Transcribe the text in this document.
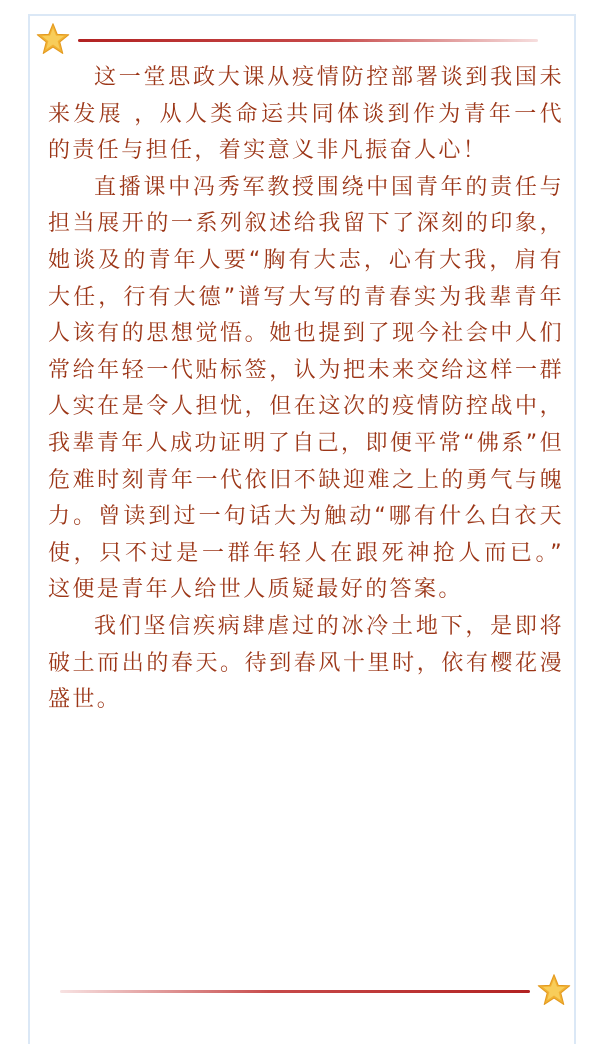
这一堂思政大课从疫情防控部署谈到我国未来发展 ，从人类命运共同体谈到作为青年一代的责任与担任，着实意义非凡振奋人心！

直播课中冯秀军教授围绕中国青年的责任与担当展开的一系列叙述给我留下了深刻的印象，她谈及的青年人要“胸有大志，心有大我，肩有大任，行有大德”谱写大写的青春实为我辈青年人该有的思想觉悟。她也提到了现今社会中人们常给年轻一代贴标签，认为把未来交给这样一群人实在是令人担忧，但在这次的疫情防控战中，我辈青年人成功证明了自己，即便平常“佛系”但危难时刻青年一代依旧不缺迎难之上的勇气与魄力。曾读到过一句话大为触动“哪有什么白衣天使，只不过是一群年轻人在跟死神抢人而已。” 这便是青年人给世人质疑最好的答案。

我们坚信疾病肆虐过的冰冷土地下，是即将破土而出的春天。待到春风十里时，依有樱花漫盛世。
